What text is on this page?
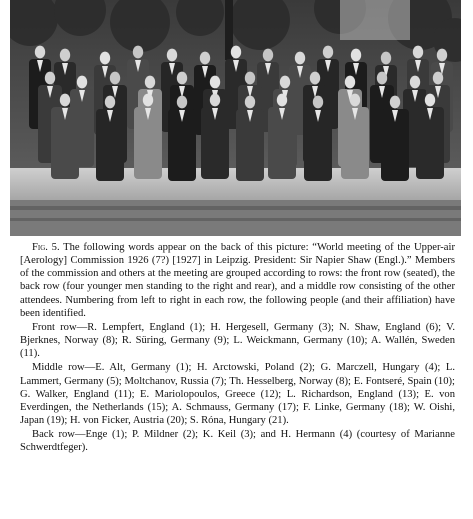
Fig. 5. The following words appear on the back of this picture: “World meeting of the Upper-air [Aerology] Commission 1926 (7?) [1927] in Leipzig. President: Sir Napier Shaw (Engl.).” Members of the commission and others at the meeting are grouped according to rows: the front row (seated), the back row (four younger men standing to the right and rear), and a middle row consisting of the other attendees. Numbering from left to right in each row, the following people (and their affiliation) have been identified.

Front row—R. Lempfert, England (1); H. Hergesell, Germany (3); N. Shaw, England (6); V. Bjerknes, Norway (8); R. Süring, Germany (9); L. Weickmann, Germany (10); A. Wallén, Sweden (11).

Middle row—E. Alt, Germany (1); H. Arctowski, Poland (2); G. Marczell, Hungary (4); L. Lammert, Germany (5); Moltchanov, Russia (7); Th. Hesselberg, Norway (8); E. Fontseré, Spain (10); G. Walker, England (11); E. Mariolopoulos, Greece (12); L. Richardson, England (13); E. von Everdingen, the Netherlands (15); A. Schmauss, Germany (17); F. Linke, Germany (18); W. Oishi, Japan (19); H. von Ficker, Austria (20); S. Róna, Hungary (21).

Back row—Enge (1); P. Mildner (2); K. Keil (3); and H. Hermann (4) (courtesy of Marianne Schwerdtfeger).
